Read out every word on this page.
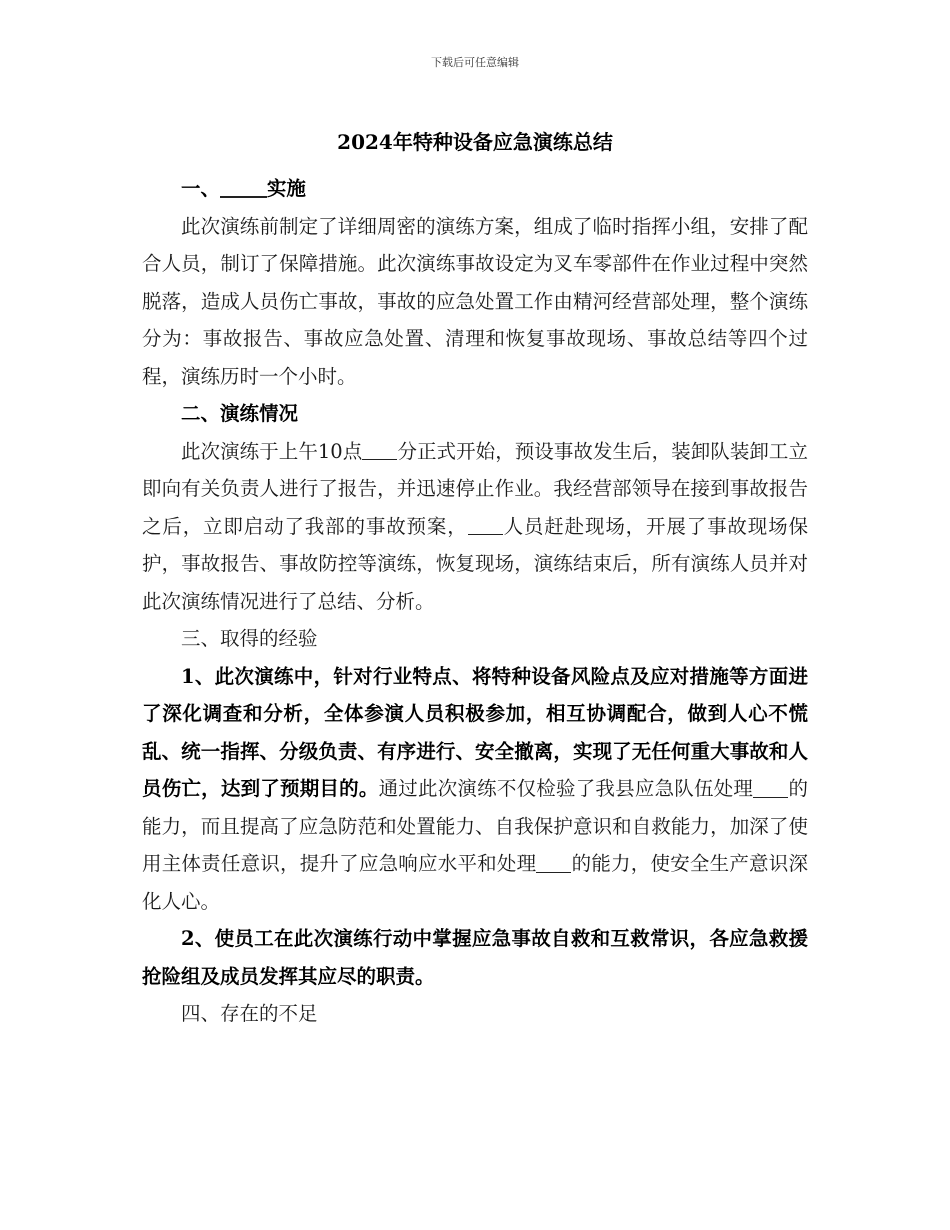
下载后可任意编辑
2024年特种设备应急演练总结

一、 实施

此次演练前制定了详细周密的演练方案，组成了临时指挥小组，安排了配合人员，制订了保障措施。此次演练事故设定为叉车零部件在作业过程中突然脱落，造成人员伤亡事故，事故的应急处置工作由精河经营部处理，整个演练分为：事故报告、事故应急处置、清理和恢复事故现场、事故总结等四个过程，演练历时一个小时。

二、演练情况

此次演练于上午10点 分正式开始，预设事故发生后，装卸队装卸工立即向有关负责人进行了报告，并迅速停止作业。我经营部领导在接到事故报告之后，立即启动了我部的事故预案， 人员赶赴现场，开展了事故现场保护，事故报告、事故防控等演练，恢复现场，演练结束后，所有演练人员并对此次演练情况进行了总结、分析。

三、取得的经验

1、此次演练中，针对行业特点、将特种设备风险点及应对措施等方面进了深化调查和分析，全体参演人员积极参加，相互协调配合，做到人心不慌乱、统一指挥、分级负责、有序进行、安全撤离，实现了无任何重大事故和人员伤亡，达到了预期目的。通过此次演练不仅检验了我县应急队伍处理 的能力，而且提高了应急防范和处置能力、自我保护意识和自救能力，加深了使用主体责任意识，提升了应急响应水平和处理 的能力，使安全生产意识深化人心。

2、使员工在此次演练行动中掌握应急事故自救和互救常识，各应急救援抢险组及成员发挥其应尽的职责。

四、存在的不足
